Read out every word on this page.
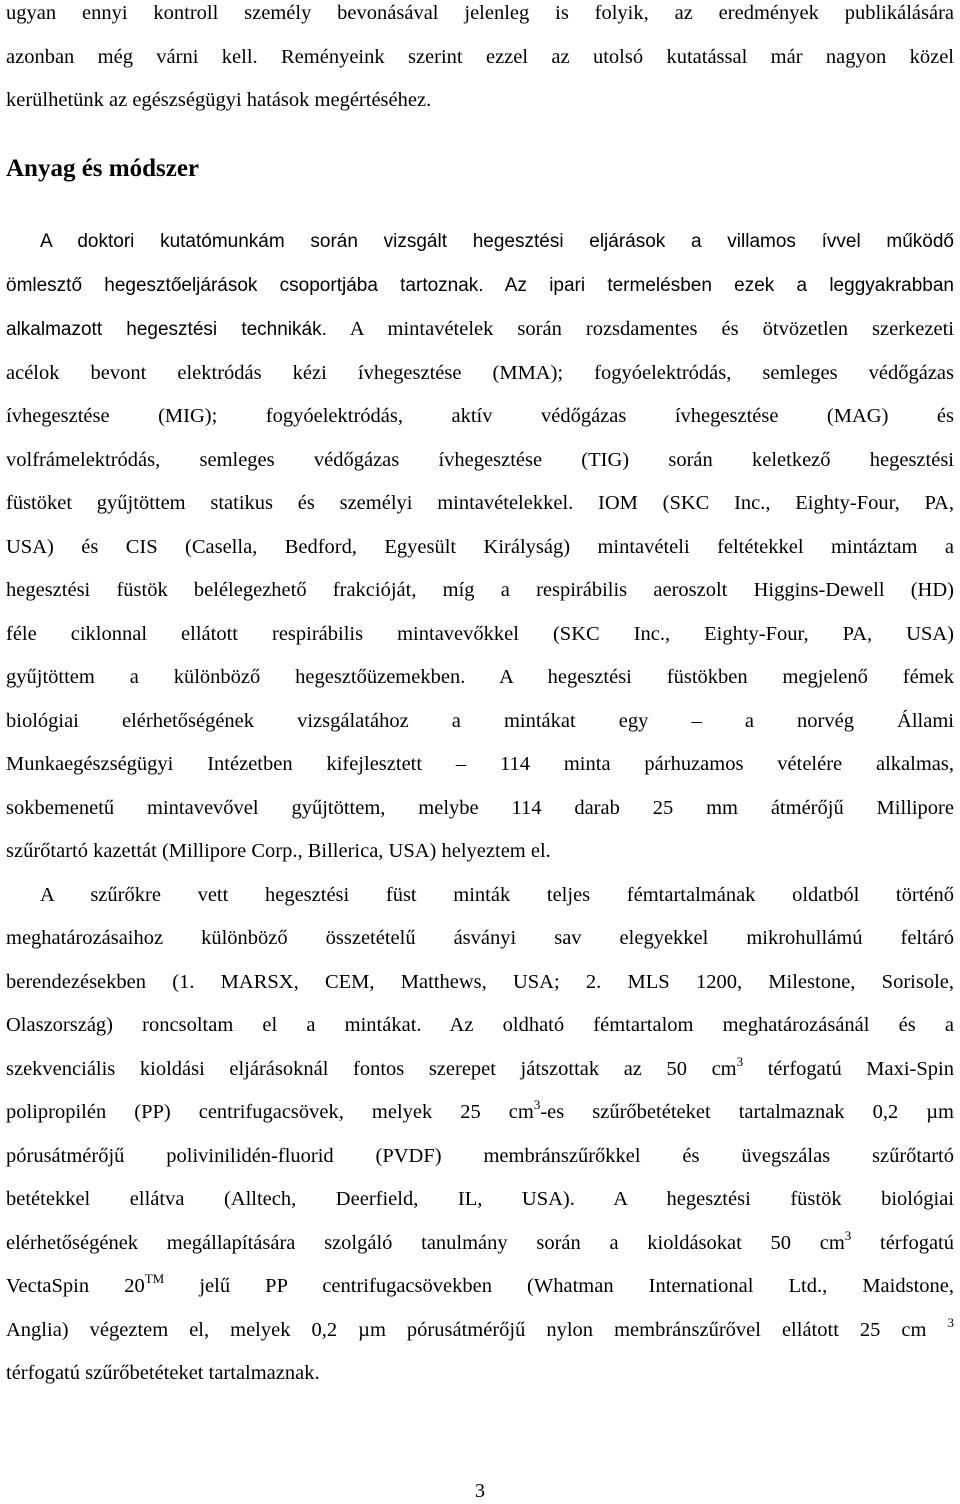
ugyan ennyi kontroll személy bevonásával jelenleg is folyik, az eredmények publikálására
azonban még várni kell. Reményeink szerint ezzel az utolsó kutatással már nagyon közel
kerülhetünk az egészségügyi hatások megértéséhez.
Anyag és módszer
A doktori kutatómunkám során vizsgált hegesztési eljárások a villamos ívvel működő
ömlesztő hegesztőeljárások csoportjába tartoznak. Az ipari termelésben ezek a leggyakrabban
alkalmazott hegesztési technikák. A mintavételek során rozsdamentes és ötvözetlen szerkezeti
acélok bevont elektródás kézi ívhegesztése (MMA); fogyóelektródás, semleges védőgázas
ívhegesztése (MIG); fogyóelektródás, aktív védőgázas ívhegesztése (MAG) és
volfrámelektródás, semleges védőgázas ívhegesztése (TIG) során keletkező hegesztési
füstöket gyűjtöttem statikus és személyi mintavételekkel. IOM (SKC Inc., Eighty-Four, PA,
USA) és CIS (Casella, Bedford, Egyesült Királyság) mintavételi feltétekkel mintáztam a
hegesztési füstök belélegezhető frakcióját, míg a respirábilis aeroszolt Higgins-Dewell (HD)
féle ciklonnal ellátott respirábilis mintavevőkkel (SKC Inc., Eighty-Four, PA, USA)
gyűjtöttem a különböző hegesztőüzemekben. A hegesztési füstökben megjelenő fémek
biológiai elérhetőségének vizsgálatához a mintákat egy – a norvég Állami
Munkaegészségügyi Intézetben kifejlesztett – 114 minta párhuzamos vételére alkalmas,
sokbemenetű mintavevővel gyűjtöttem, melybe 114 darab 25 mm átmérőjű Millipore
szűrőtartó kazettát (Millipore Corp., Billerica, USA) helyeztem el.
A szűrőkre vett hegesztési füst minták teljes fémtartalmának oldatból történő
meghatározásaihoz különböző összetételű ásványi sav elegyekkel mikrohullámú feltáró
berendezésekben (1. MARSX, CEM, Matthews, USA; 2. MLS 1200, Milestone, Sorisole,
Olaszország) roncsoltam el a mintákat. Az oldható fémtartalom meghatározásánál és a
szekvenciális kioldási eljárásoknál fontos szerepet játszottak az 50 $cm^3$ térfogatú Maxi-Spin
polipropilén (PP) centrifugacsövek, melyek 25 $cm^3-es$ szűrőbetéteket tartalmaznak 0,2 µm
pórusátmérőjű polivinilidén-fluorid (PVDF) membránszűrőkkel és üvegszálas szűrőtartó
betétekkel ellátva (Alltech, Deerfield, IL, USA). A hegesztési füstök biológiai
elérhetőségének megállapítására szolgáló tanulmány során a kioldásokat 50 $cm^3$ térfogatú
VectaSpin 20™ jelű PP centrifugacsövekben (Whatman International Ltd., Maidstone,
Anglia) végeztem el, melyek 0,2 µm pórusátmérőjű nylon membránszűrővel ellátott 25 cm $^3$
térfogatú szűrőbetéteket tartalmaznak.
3
